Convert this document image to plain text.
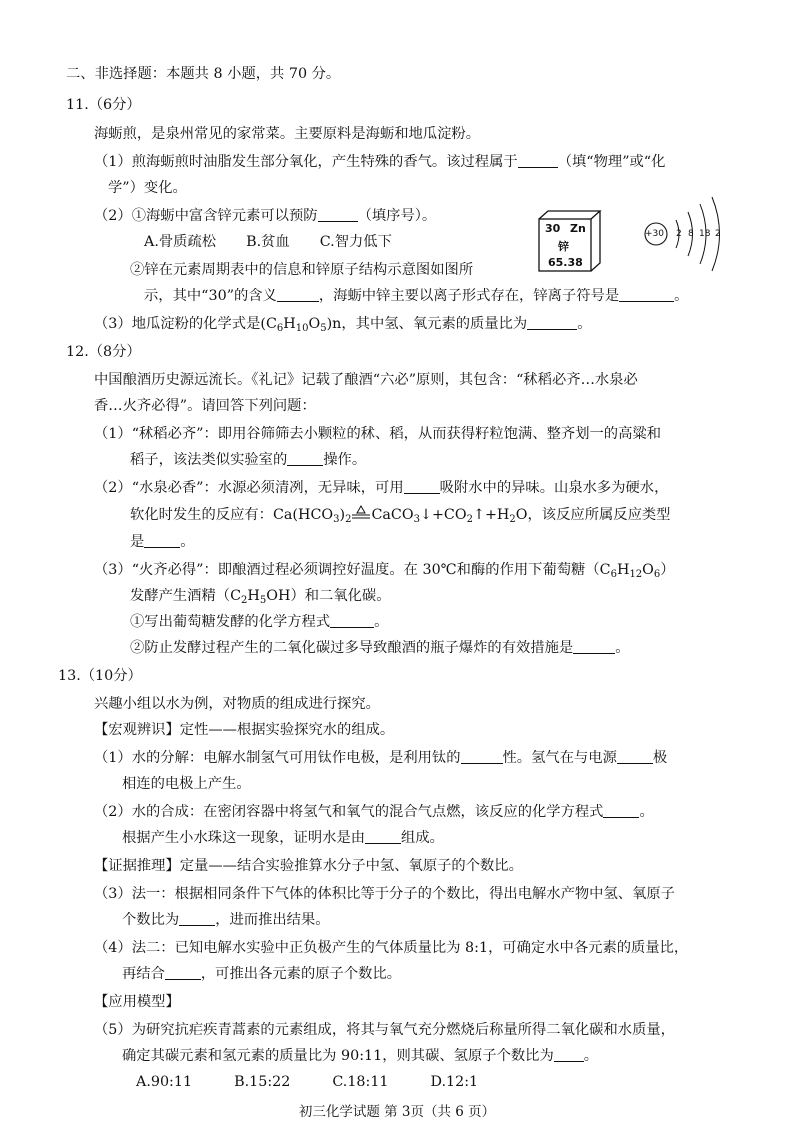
二、非选择题：本题共 8 小题，共 70 分。
11.（6分）
海蛎煎，是泉州常见的家常菜。主要原料是海蛎和地瓜淀粉。
（1）煎海蛎煎时油脂发生部分氧化，产生特殊的香气。该过程属于	（填“物理”或“化
学”）变化。
（2）①海蛎中富含锌元素可以预防	（填序号）。
A.骨质疏松 B.贫血 C.智力低下
②锌在元素周期表中的信息和锌原子结构示意图如图所
示，其中“30”的含义	，海蛎中锌主要以离子形式存在，锌离子符号是	。
（3）地瓜淀粉的化学式是$(C_6H_{10}O_5)n$，其中氢、氧元素的质量比为	。
30 Zn
锌
65.38
+30 2 8 18 2
12.（8分）
中国酿酒历史源远流长。《礼记》记载了酿酒“六必”原则，其包含：“秫稻必齐…水泉必
香…火齐必得”。请回答下列问题：
（1）“秫稻必齐”：即用谷筛筛去小颗粒的秫、稻，从而获得籽粒饱满、整齐划一的高粱和
稻子，该法类似实验室的	操作。
（2）“水泉必香”：水源必须清冽，无异味，可用	吸附水中的异味。山泉水多为硬水，
软化时发生的反应有：$Ca(HCO_3)_2$ $CaCO_3↓+CO_2↑+H_2O$，该反应所属反应类型
是	。
（3）“火齐必得”：即酿酒过程必须调控好温度。在 30℃和酶的作用下葡萄糖$(C_6H_{12}O_6)$
发酵产生酒精$(C_2H_5OH)$和二氧化碳。
①写出葡萄糖发酵的化学方程式	。
②防止发酵过程产生的二氧化碳过多导致酿酒的瓶子爆炸的有效措施是	。
13.（10分）
兴趣小组以水为例，对物质的组成进行探究。
【宏观辨识】定性——根据实验探究水的组成。
（1）水的分解：电解水制氢气可用钛作电极，是利用钛的	性。氢气在与电源	极
相连的电极上产生。
（2）水的合成：在密闭容器中将氢气和氧气的混合气点燃，该反应的化学方程式	。
根据产生小水珠这一现象，证明水是由	组成。
【证据推理】定量——结合实验推算水分子中氢、氧原子的个数比。
（3）法一：根据相同条件下气体的体积比等于分子的个数比，得出电解水产物中氢、氧原子
个数比为	，进而推出结果。
（4）法二：已知电解水实验中正负极产生的气体质量比为 8:1，可确定水中各元素的质量比，
再结合	，可推出各元素的原子个数比。
【应用模型】
（5）为研究抗疟疾青蒿素的元素组成，将其与氧气充分燃烧后称量所得二氧化碳和水质量，
确定其碳元素和氢元素的质量比为 90:11，则其碳、氢原子个数比为 。
A.90:11	B.15:22	C.18:11	D.12:1
初三化学试题 第 3页（共 6 页）
